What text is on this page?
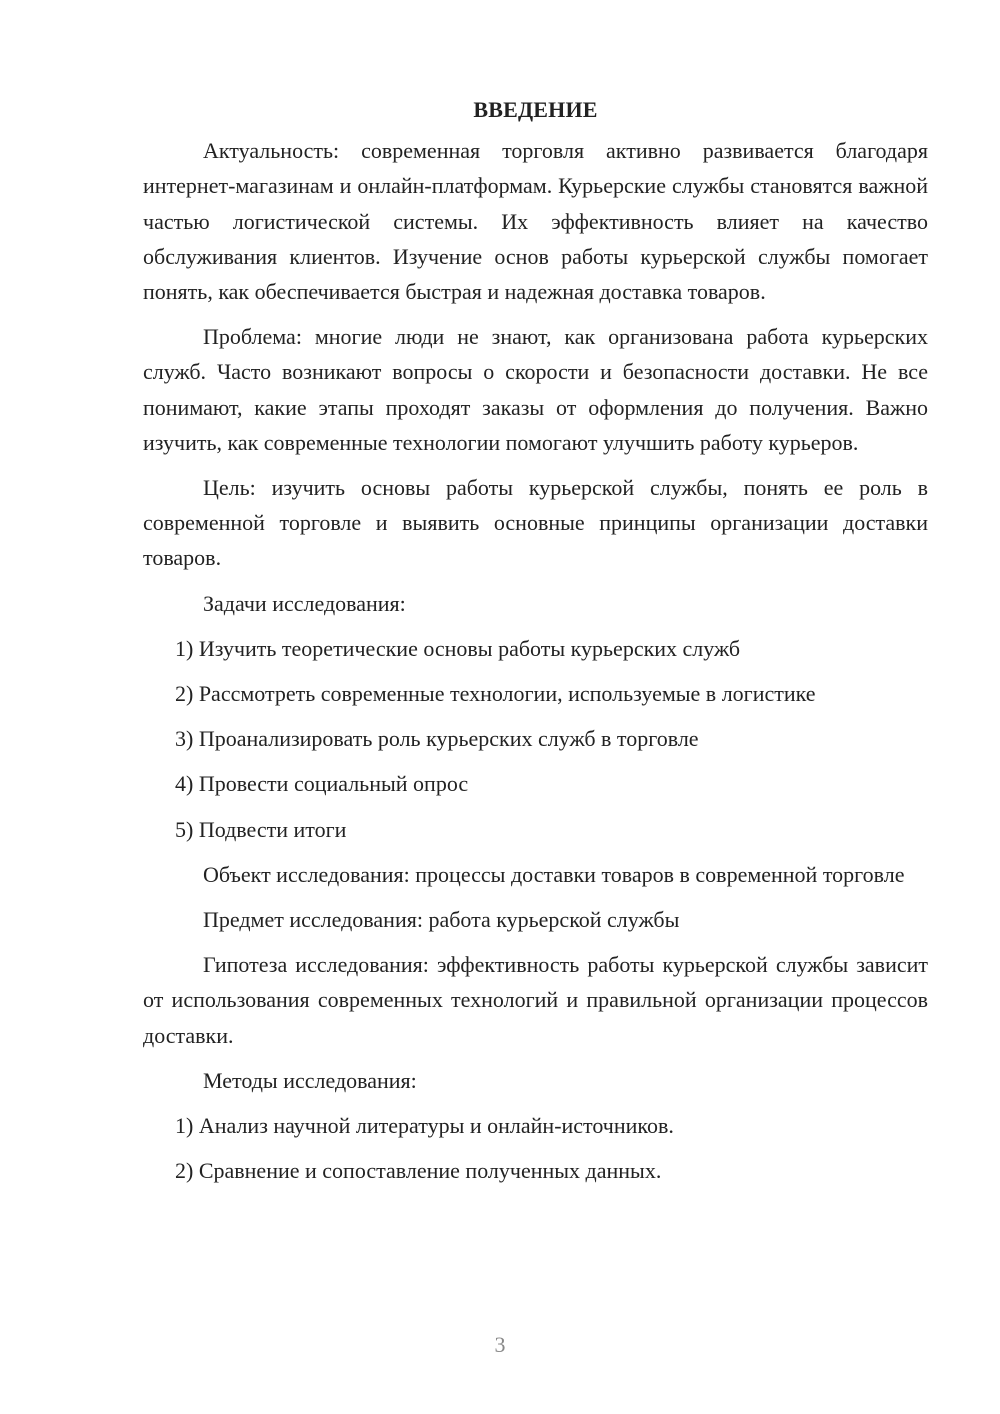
ВВЕДЕНИЕ

Актуальность: современная торговля активно развивается благодаря интернет-магазинам и онлайн-платформам. Курьерские службы становятся важной частью логистической системы. Их эффективность влияет на качество обслуживания клиентов. Изучение основ работы курьерской службы помогает понять, как обеспечивается быстрая и надежная доставка товаров.

Проблема: многие люди не знают, как организована работа курьерских служб. Часто возникают вопросы о скорости и безопасности доставки. Не все понимают, какие этапы проходят заказы от оформления до получения. Важно изучить, как современные технологии помогают улучшить работу курьеров.

Цель: изучить основы работы курьерской службы, понять ее роль в современной торговле и выявить основные принципы организации доставки товаров.

Задачи исследования:

1) Изучить теоретические основы работы курьерских служб

2) Рассмотреть современные технологии, используемые в логистике

3) Проанализировать роль курьерских служб в торговле

4) Провести социальный опрос

5) Подвести итоги

Объект исследования: процессы доставки товаров в современной торговле

Предмет исследования: работа курьерской службы

Гипотеза исследования: эффективность работы курьерской службы зависит от использования современных технологий и правильной организации процессов доставки.

Методы исследования:

1) Анализ научной литературы и онлайн-источников.

2) Сравнение и сопоставление полученных данных.

3
